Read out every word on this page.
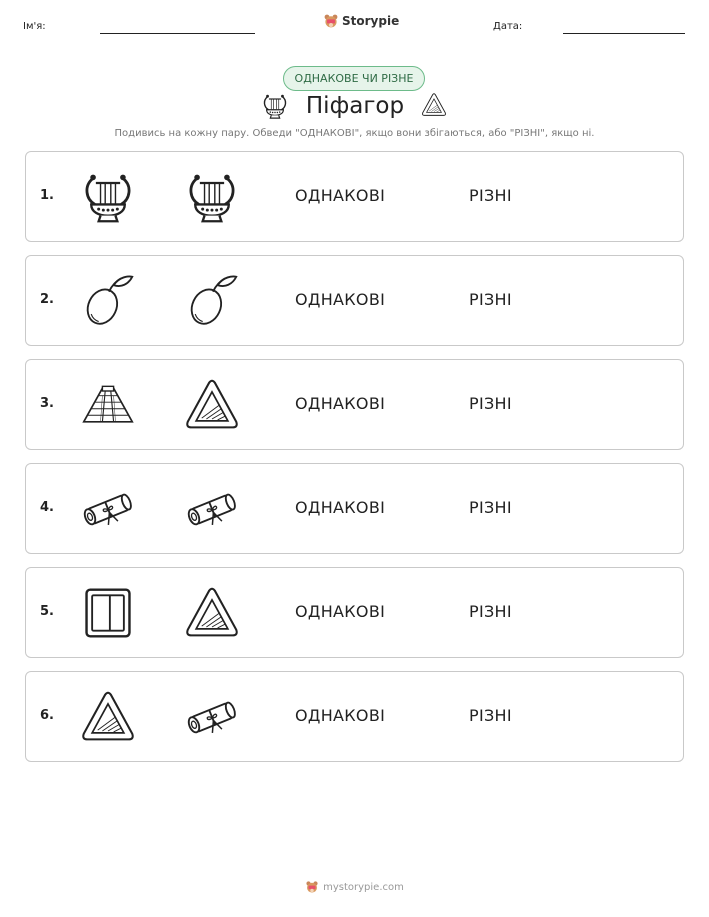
Ім'я:	Storypie	Дата:
ОДНАКОВЕ ЧИ РІЗНЕ
Піфагор
Подивись на кожну пару. Обведи "ОДНАКОВІ", якщо вони збігаються, або "РІЗНІ", якщо ні.
1.	ОДНАКОВІ	РІЗНІ
2.	ОДНАКОВІ	РІЗНІ
3.	ОДНАКОВІ	РІЗНІ
4.	ОДНАКОВІ	РІЗНІ
5.	ОДНАКОВІ	РІЗНІ
6.	ОДНАКОВІ	РІЗНІ
mystorypie.com
